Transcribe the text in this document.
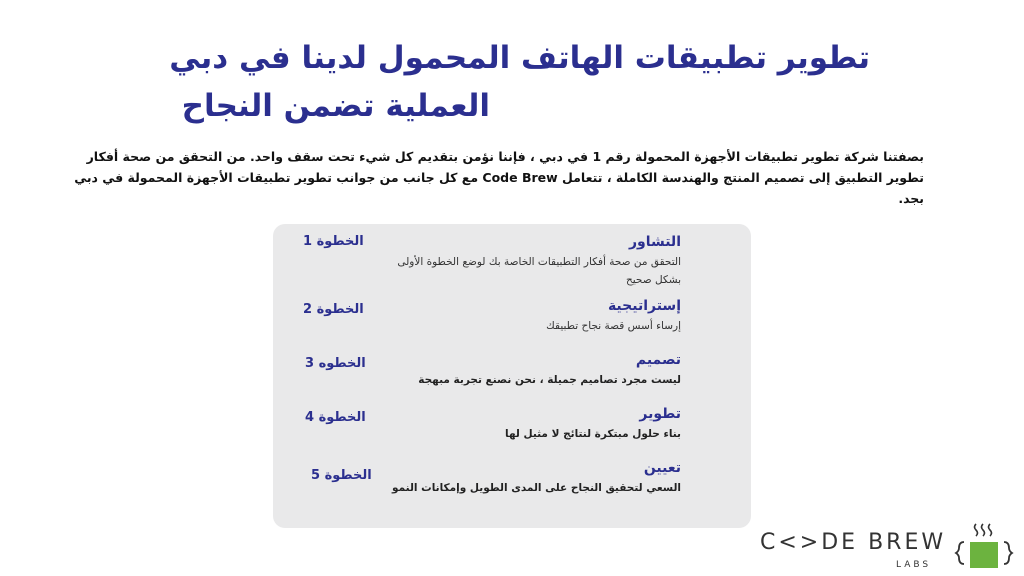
تطوير تطبيقات الهاتف المحمول لدينا في دبي
العملية تضمن النجاح

بصفتنا شركة تطوير تطبيقات الأجهزة المحمولة رقم 1 في دبي ، فإننا نؤمن بتقديم كل شيء تحت سقف واحد. من التحقق من صحة أفكار
تطوير التطبيق إلى تصميم المنتج والهندسة الكاملة ، تتعامل Code Brew مع كل جانب من جوانب تطوير تطبيقات الأجهزة المحمولة في دبي
بجد.

الخطوة 1	التشاور

التحقق من صحة أفكار التطبيقات الخاصة بك لوضع الخطوة الأولى بشكل صحيح

الخطوة 2	إستراتيجية

إرساء أسس قصة نجاح تطبيقك

الخطوه 3	تصميم

ليست مجرد تصاميم جميلة ، نحن نصنع تجربة مبهجة

الخطوة 4	تطوير

بناء حلول مبتكرة لنتائج لا مثيل لها

الخطوة 5	تعيين

السعي لتحقيق النجاح على المدى الطويل وإمكانات النمو

C<>DE BREW
LABS
